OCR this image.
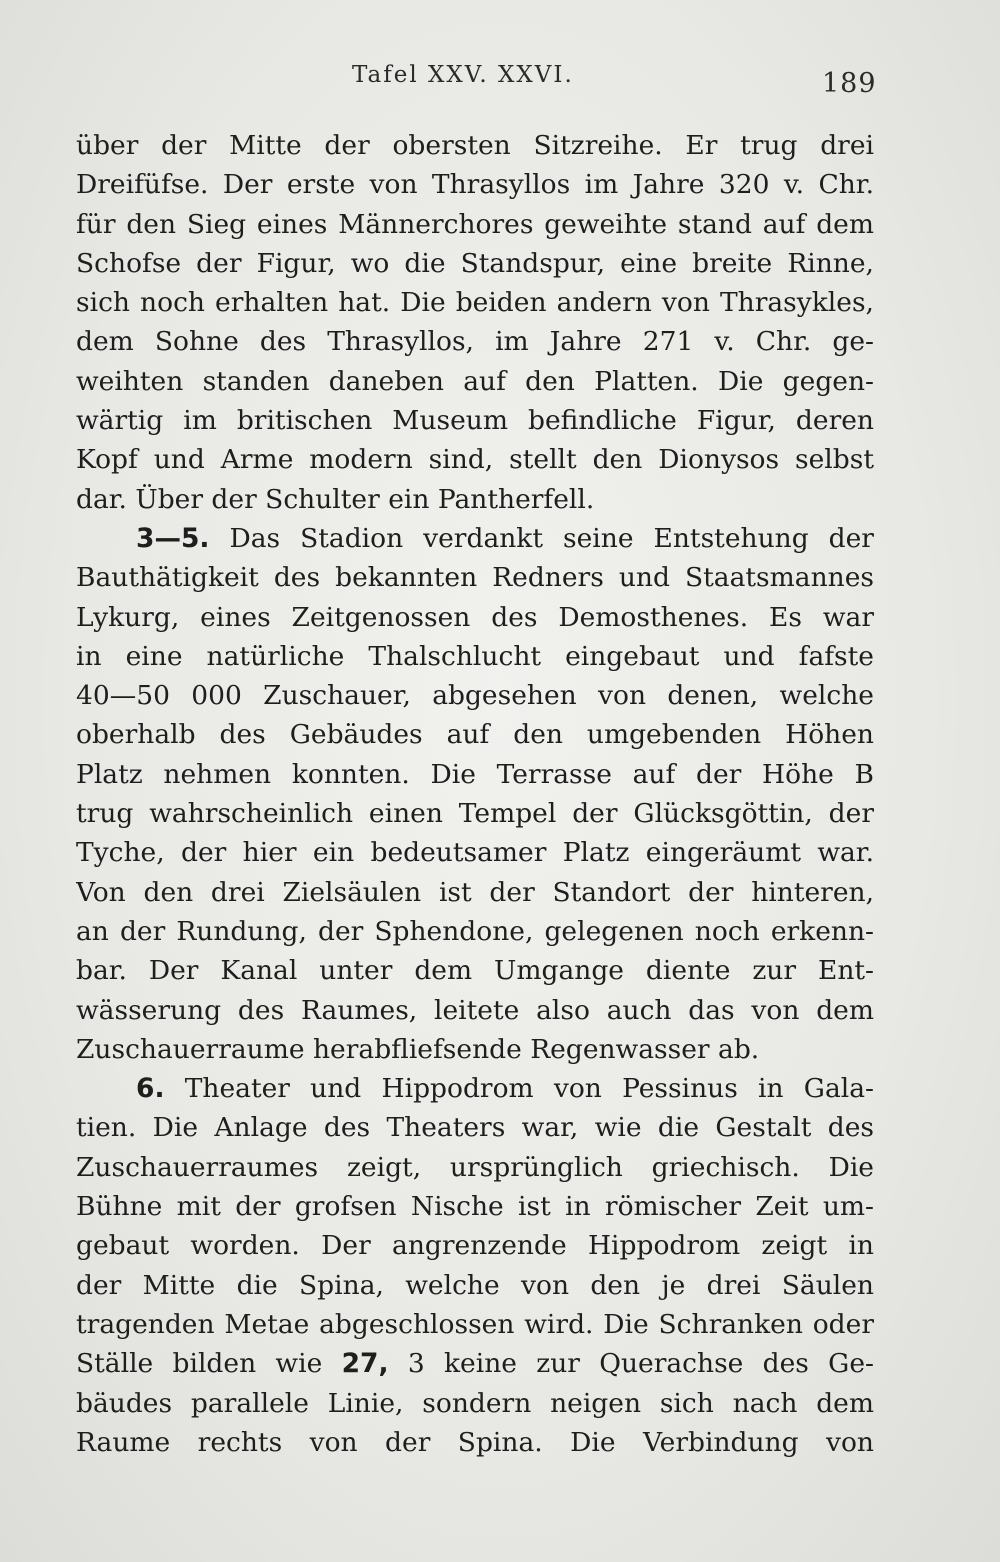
Tafel XXV. XXVI.	189
über der Mitte der obersten Sitzreihe. Er trug drei
Dreifüfse. Der erste von Thrasyllos im Jahre 320 v. Chr.
für den Sieg eines Männerchores geweihte stand auf dem
Schofse der Figur, wo die Standspur, eine breite Rinne,
sich noch erhalten hat. Die beiden andern von Thrasykles,
dem Sohne des Thrasyllos, im Jahre 271 v. Chr. ge-
weihten standen daneben auf den Platten. Die gegen-
wärtig im britischen Museum befindliche Figur, deren
Kopf und Arme modern sind, stellt den Dionysos selbst
dar. Über der Schulter ein Pantherfell.
3—5. Das Stadion verdankt seine Entstehung der
Bauthätigkeit des bekannten Redners und Staatsmannes
Lykurg, eines Zeitgenossen des Demosthenes. Es war
in eine natürliche Thalschlucht eingebaut und fafste
40—50 000 Zuschauer, abgesehen von denen, welche
oberhalb des Gebäudes auf den umgebenden Höhen
Platz nehmen konnten. Die Terrasse auf der Höhe B
trug wahrscheinlich einen Tempel der Glücksgöttin, der
Tyche, der hier ein bedeutsamer Platz eingeräumt war.
Von den drei Zielsäulen ist der Standort der hinteren,
an der Rundung, der Sphendone, gelegenen noch erkenn-
bar. Der Kanal unter dem Umgange diente zur Ent-
wässerung des Raumes, leitete also auch das von dem
Zuschauerraume herabfliefsende Regenwasser ab.
6. Theater und Hippodrom von Pessinus in Gala-
tien. Die Anlage des Theaters war, wie die Gestalt des
Zuschauerraumes zeigt, ursprünglich griechisch. Die
Bühne mit der grofsen Nische ist in römischer Zeit um-
gebaut worden. Der angrenzende Hippodrom zeigt in
der Mitte die Spina, welche von den je drei Säulen
tragenden Metae abgeschlossen wird. Die Schranken oder
Ställe bilden wie 27, 3 keine zur Querachse des Ge-
bäudes parallele Linie, sondern neigen sich nach dem
Raume rechts von der Spina. Die Verbindung von
